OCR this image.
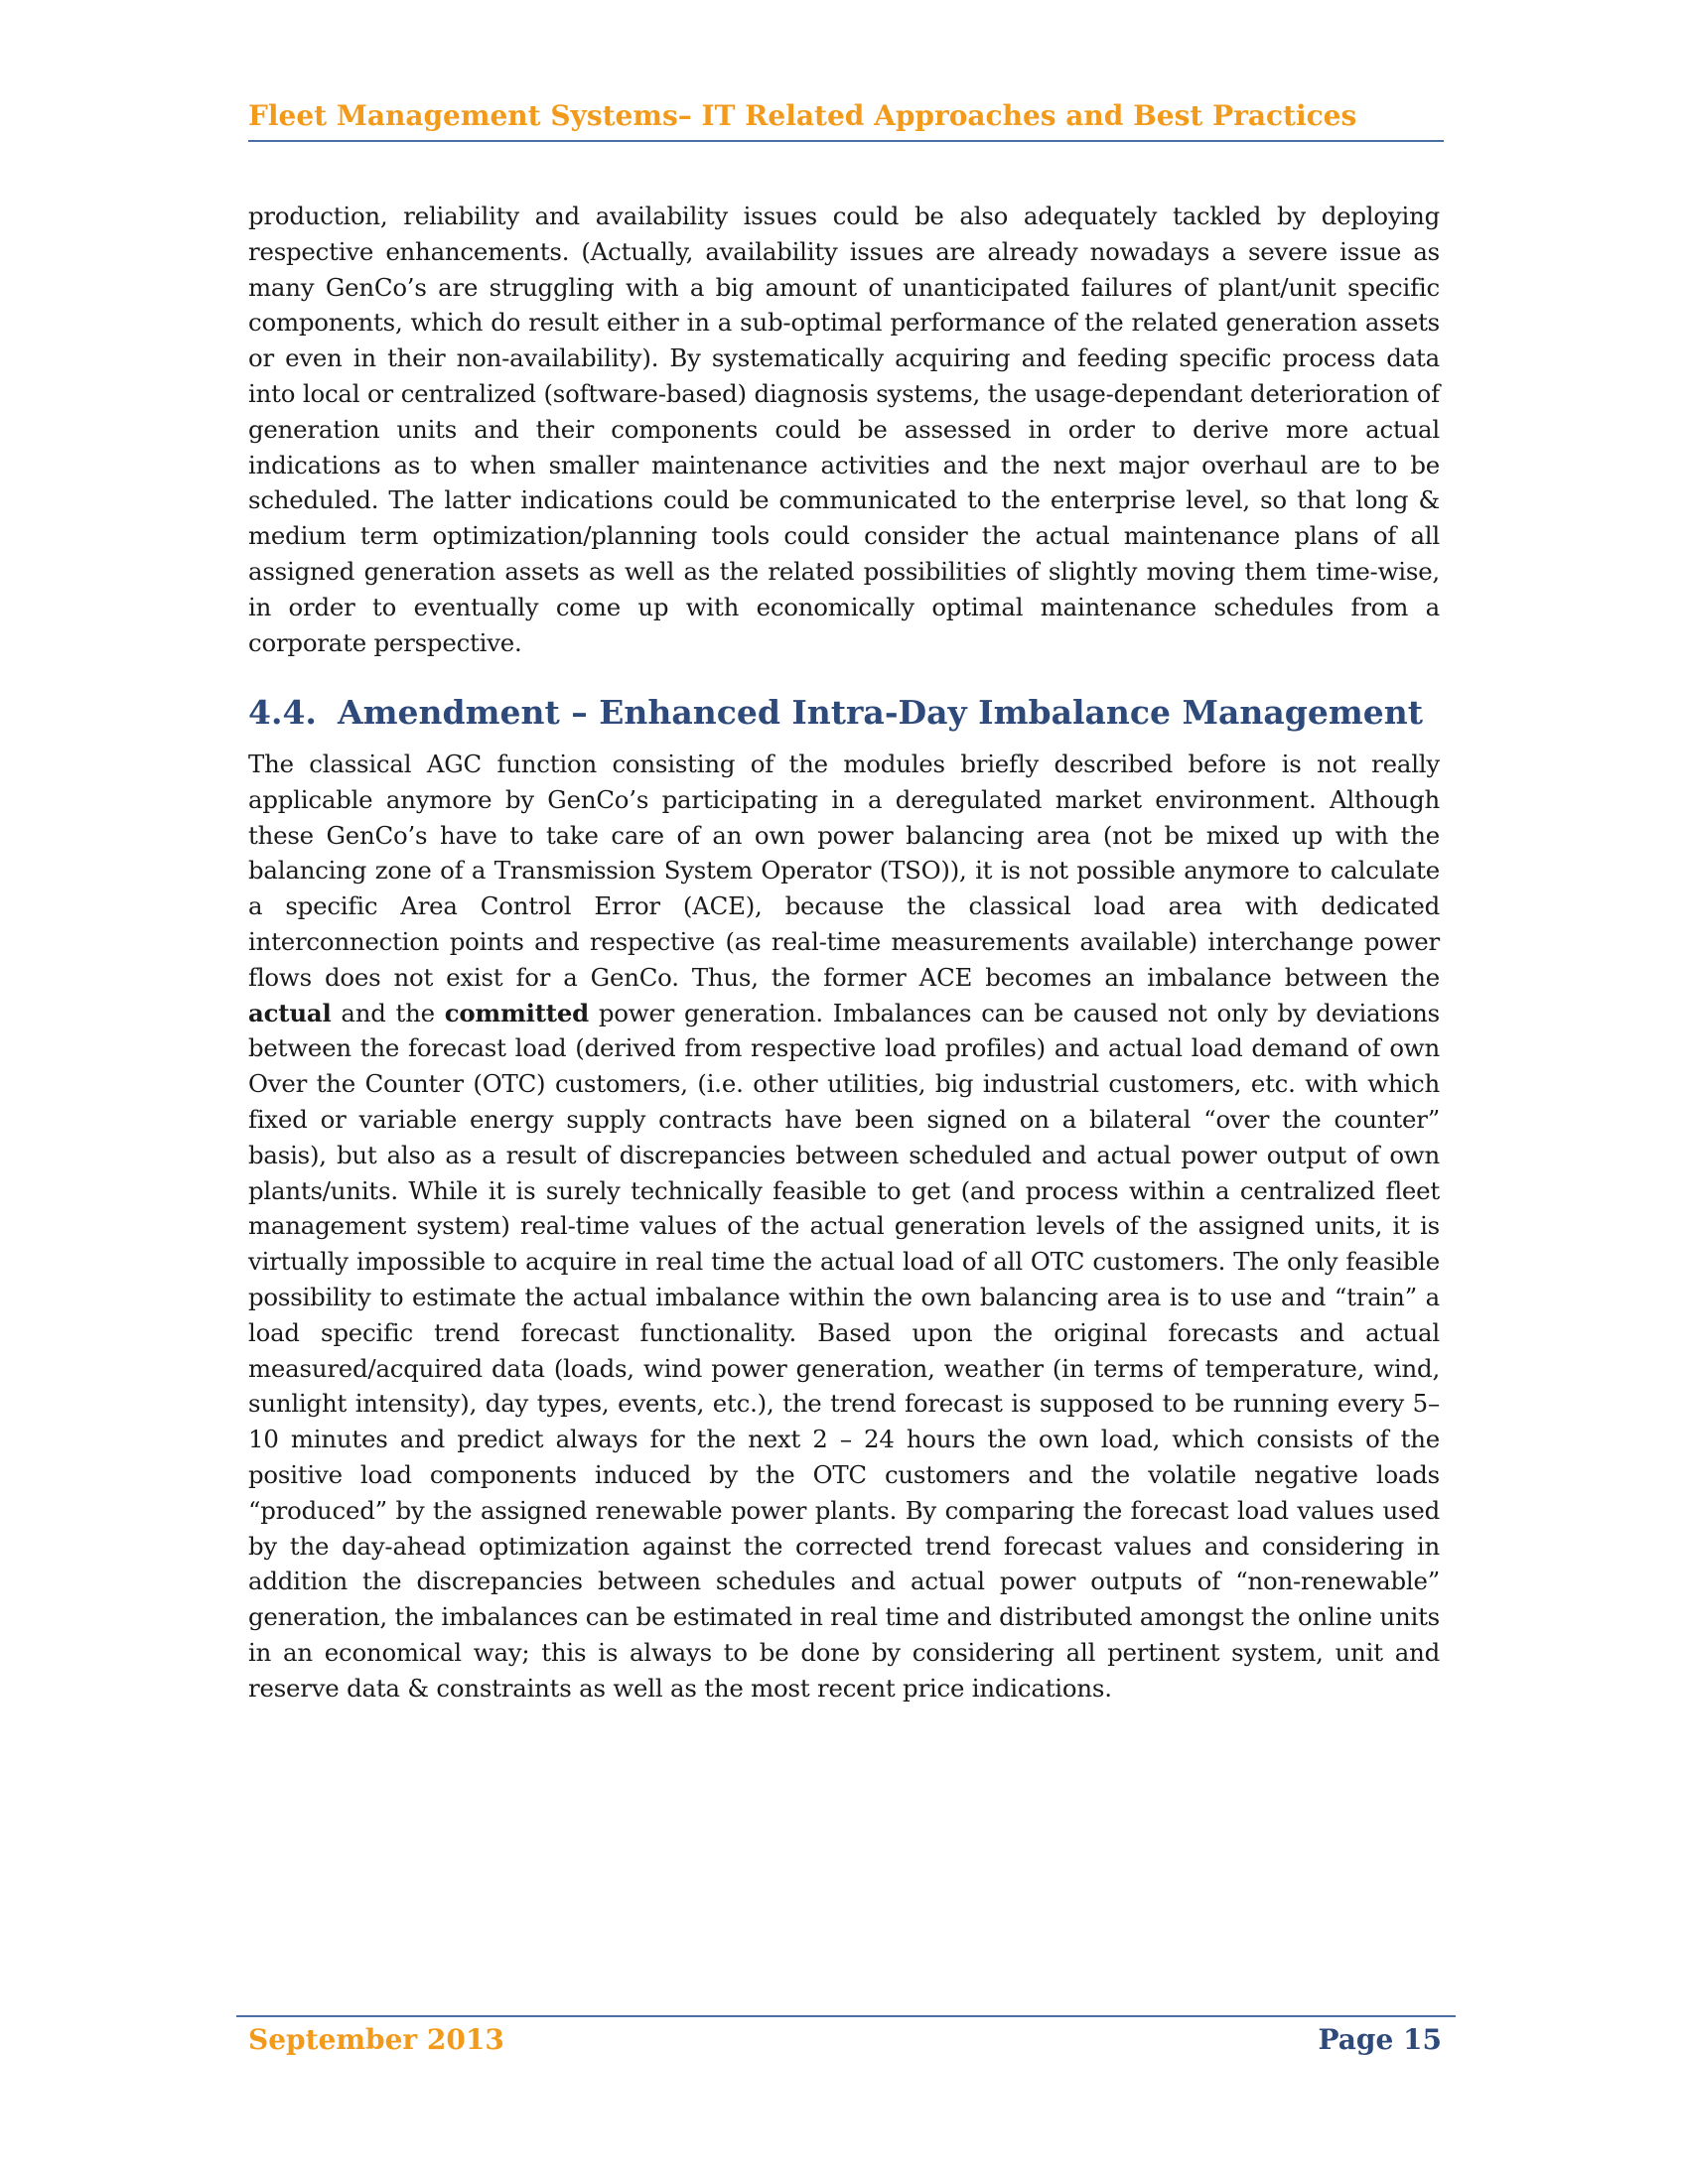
Fleet Management Systems– IT Related Approaches and Best Practices

production, reliability and availability issues could be also adequately tackled by deploying respective enhancements. (Actually, availability issues are already nowadays a severe issue as many GenCo’s are struggling with a big amount of unanticipated failures of plant/unit specific components, which do result either in a sub-optimal performance of the related generation assets or even in their non-availability). By systematically acquiring and feeding specific process data into local or centralized (software-based) diagnosis systems, the usage-dependant deterioration of generation units and their components could be assessed in order to derive more actual indications as to when smaller maintenance activities and the next major overhaul are to be scheduled. The latter indications could be communicated to the enterprise level, so that long & medium term optimization/planning tools could consider the actual maintenance plans of all assigned generation assets as well as the related possibilities of slightly moving them time-wise, in order to eventually come up with economically optimal maintenance schedules from a corporate perspective.

4.4. Amendment – Enhanced Intra-Day Imbalance Management

The classical AGC function consisting of the modules briefly described before is not really applicable anymore by GenCo’s participating in a deregulated market environment. Although these GenCo’s have to take care of an own power balancing area (not be mixed up with the balancing zone of a Transmission System Operator (TSO)), it is not possible anymore to calculate a specific Area Control Error (ACE), because the classical load area with dedicated interconnection points and respective (as real-time measurements available) interchange power flows does not exist for a GenCo. Thus, the former ACE becomes an imbalance between the actual and the committed power generation. Imbalances can be caused not only by deviations between the forecast load (derived from respective load profiles) and actual load demand of own Over the Counter (OTC) customers, (i.e. other utilities, big industrial customers, etc. with which fixed or variable energy supply contracts have been signed on a bilateral “over the counter” basis), but also as a result of discrepancies between scheduled and actual power output of own plants/units. While it is surely technically feasible to get (and process within a centralized fleet management system) real-time values of the actual generation levels of the assigned units, it is virtually impossible to acquire in real time the actual load of all OTC customers. The only feasible possibility to estimate the actual imbalance within the own balancing area is to use and “train” a load specific trend forecast functionality. Based upon the original forecasts and actual measured/acquired data (loads, wind power generation, weather (in terms of temperature, wind, sunlight intensity), day types, events, etc.), the trend forecast is supposed to be running every 5–10 minutes and predict always for the next 2 – 24 hours the own load, which consists of the positive load components induced by the OTC customers and the volatile negative loads “produced” by the assigned renewable power plants. By comparing the forecast load values used by the day-ahead optimization against the corrected trend forecast values and considering in addition the discrepancies between schedules and actual power outputs of “non-renewable” generation, the imbalances can be estimated in real time and distributed amongst the online units in an economical way; this is always to be done by considering all pertinent system, unit and reserve data & constraints as well as the most recent price indications.

September 2013	Page 15
